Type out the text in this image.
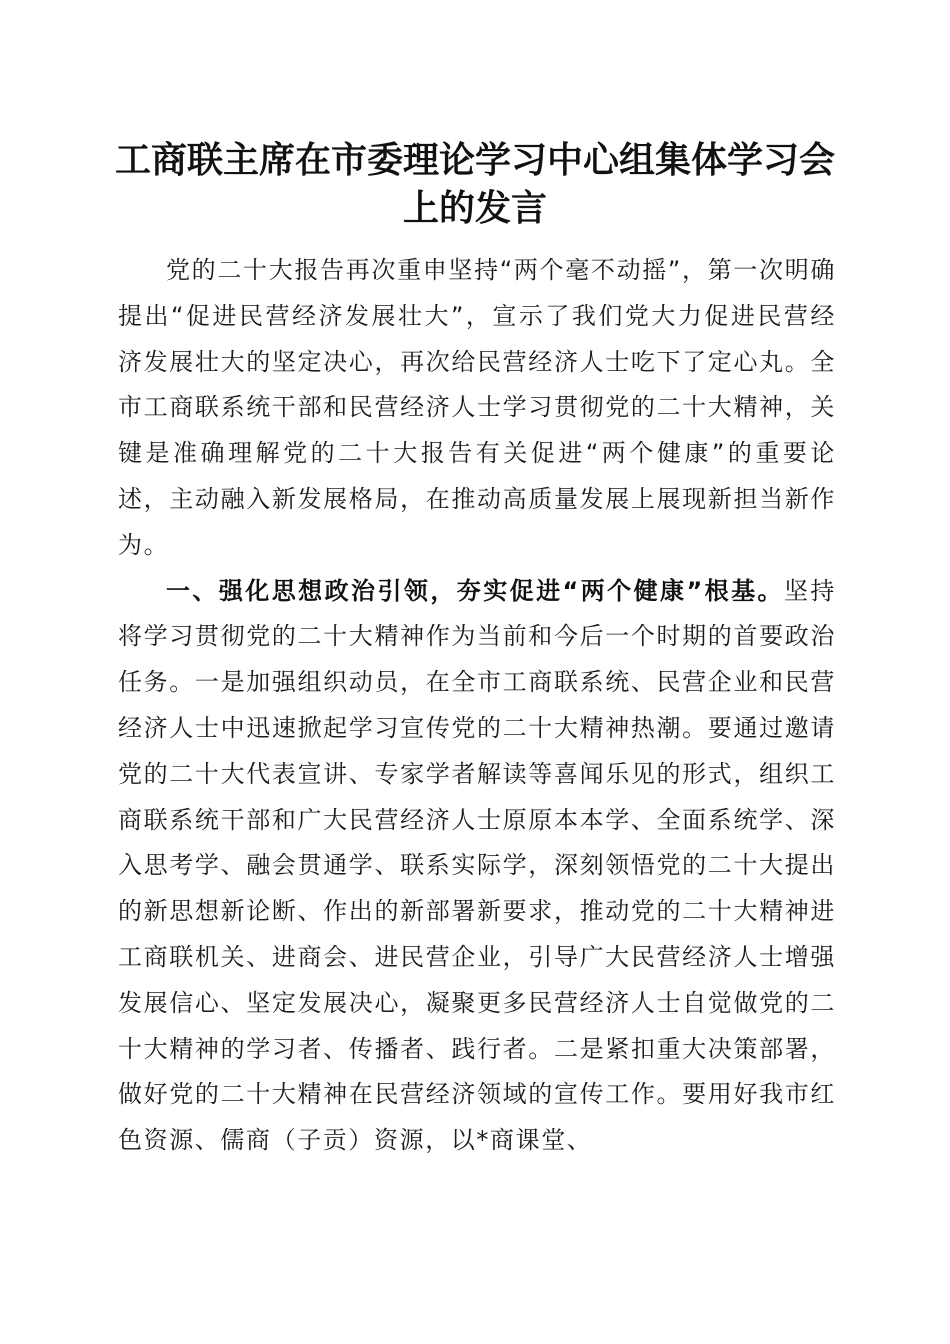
工商联主席在市委理论学习中心组集体学习会上的发言

党的二十大报告再次重申坚持“两个毫不动摇”，第一次明确提出“促进民营经济发展壮大”，宣示了我们党大力促进民营经济发展壮大的坚定决心，再次给民营经济人士吃下了定心丸。全市工商联系统干部和民营经济人士学习贯彻党的二十大精神，关键是准确理解党的二十大报告有关促进“两个健康”的重要论述，主动融入新发展格局，在推动高质量发展上展现新担当新作为。

一、强化思想政治引领，夯实促进“两个健康”根基。坚持将学习贯彻党的二十大精神作为当前和今后一个时期的首要政治任务。一是加强组织动员，在全市工商联系统、民营企业和民营经济人士中迅速掀起学习宣传党的二十大精神热潮。要通过邀请党的二十大代表宣讲、专家学者解读等喜闻乐见的形式，组织工商联系统干部和广大民营经济人士原原本本学、全面系统学、深入思考学、融会贯通学、联系实际学，深刻领悟党的二十大提出的新思想新论断、作出的新部署新要求，推动党的二十大精神进工商联机关、进商会、进民营企业，引导广大民营经济人士增强发展信心、坚定发展决心，凝聚更多民营经济人士自觉做党的二十大精神的学习者、传播者、践行者。二是紧扣重大决策部署，做好党的二十大精神在民营经济领域的宣传工作。要用好我市红色资源、儒商（子贡）资源，以*商课堂、
